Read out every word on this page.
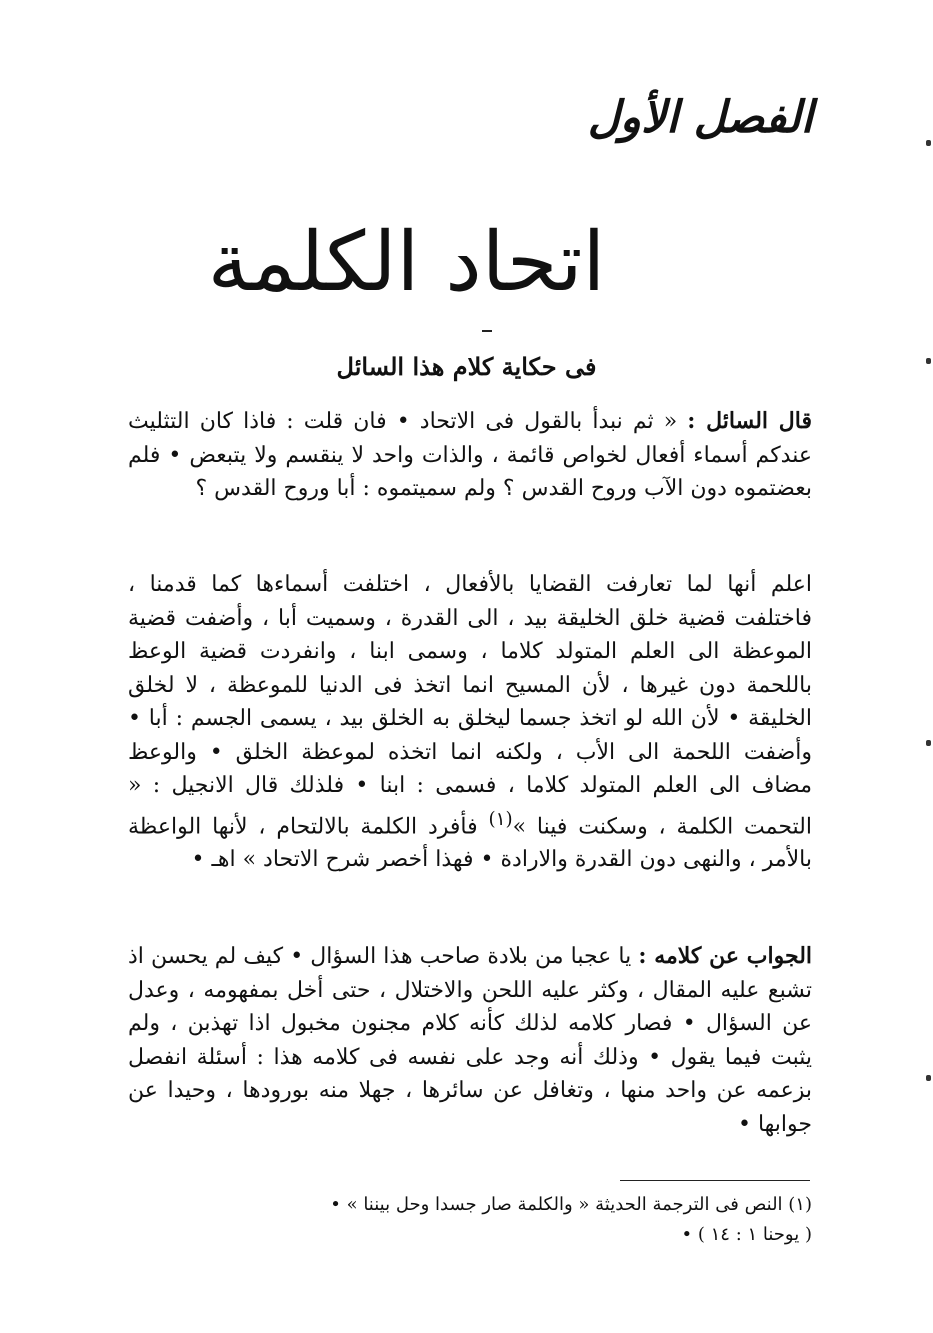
الفصل الأول
اتحاد الكلمة
فى حكاية كلام هذا السائل
قال السائل : « ثم نبدأ بالقول فى الاتحاد • فان قلت : فاذا كان التثليث عندكم أسماء أفعال لخواص قائمة ، والذات واحد لا ينقسم ولا يتبعض • فلم بعضتموه دون الآب وروح القدس ؟ ولم سميتموه : أبا وروح القدس ؟
اعلم أنها لما تعارفت القضايا بالأفعال ، اختلفت أسماءها كما قدمنا ، فاختلفت قضية خلق الخليقة بيد ، الى القدرة ، وسميت أبا ، وأضفت قضية الموعظة الى العلم المتولد كلاما ، وسمى ابنا ، وانفردت قضية الوعظ باللحمة دون غيرها ، لأن المسيح انما اتخذ فى الدنيا للموعظة ، لا لخلق الخليقة • لأن الله لو اتخذ جسما ليخلق به الخلق بيد ، يسمى الجسم : أبا • وأضفت اللحمة الى الأب ، ولكنه انما اتخذه لموعظة الخلق • والوعظ مضاف الى العلم المتولد كلاما ، فسمى : ابنا • فلذلك قال الانجيل : « التحمت الكلمة ، وسكنت فينا »$^{(١)}$ فأفرد الكلمة بالالتحام ، لأنها الواعظة بالأمر ، والنهى دون القدرة والارادة • فهذا أخصر شرح الاتحاد » اهـ •
الجواب عن كلامه : يا عجبا من بلادة صاحب هذا السؤال • كيف لم يحسن اذ تشبع عليه المقال ، وكثر عليه اللحن والاختلال ، حتى أخل بمفهومه ، وعدل عن السؤال • فصار كلامه لذلك كأنه كلام مجنون مخبول اذا تهذبن ، ولم يثبت فيما يقول • وذلك أنه وجد على نفسه فى كلامه هذا : أسئلة انفصل بزعمه عن واحد منها ، وتغافل عن سائرها ، جهلا منه بورودها ، وحيدا عن جوابها •
(١) النص فى الترجمة الحديثة « والكلمة صار جسدا وحل بيننا » •
( يوحنا ١ : ١٤ ) •
